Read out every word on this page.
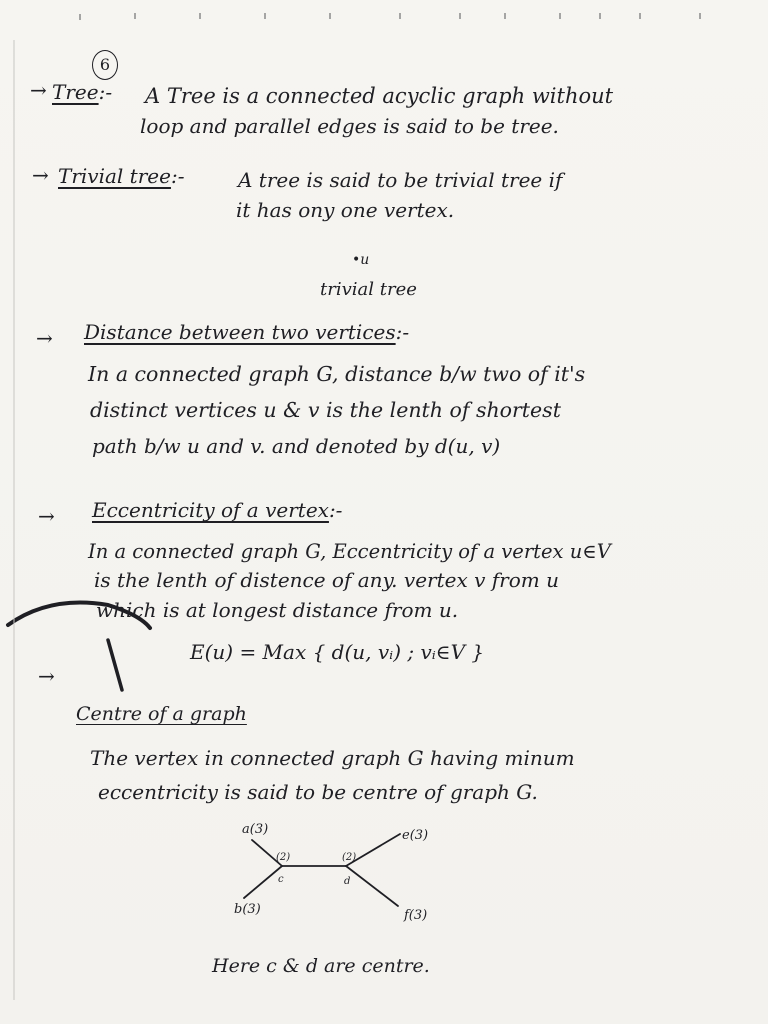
6
→ Tree:- A Tree is a connected acyclic graph without
loop and parallel edges is said to be tree.
→ Trivial tree:-	A tree is said to be trivial tree if
it has ony one vertex.
•u
trivial tree
→ Distance between two vertices:-
In a connected graph G, distance b/w two of it's
distinct vertices u & v is the lenth of shortest
path b/w u and v. and denoted by d(u, v)
→ Eccentricity of a vertex:-
In a connected graph G, Eccentricity of a vertex u∈V
is the lenth of distence of any. vertex v from u
which is at longest distance from u.
E(u) = Max { d(u, vᵢ) ; vᵢ∈V }
→
Centre of a graph
The vertex in connected graph G having minum
eccentricity is said to be centre of graph G.
a(3)
b(3)
e(3)
f(3)
c	d
(2)	(2)
Here c & d are centre.
